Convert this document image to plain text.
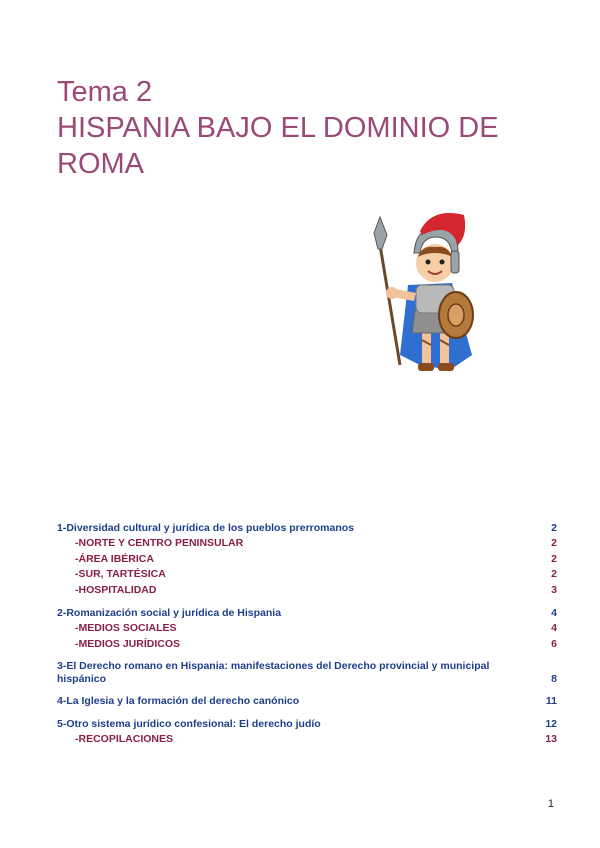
Tema 2
HISPANIA BAJO EL DOMINIO DE
ROMA
1-Diversidad cultural y jurídica de los pueblos prerromanos	2
-NORTE Y CENTRO PENINSULAR	2
-ÁREA IBÉRICA	2
-SUR, TARTÉSICA	2
-HOSPITALIDAD	3
2-Romanización social y jurídica de Hispania	4
-MEDIOS SOCIALES	4
-MEDIOS JURÍDICOS	6
3-El Derecho romano en Hispania: manifestaciones del Derecho provincial y municipal hispánico	8
4-La Iglesia y la formación del derecho canónico	11
5-Otro sistema jurídico confesional: El derecho judío	12
-RECOPILACIONES	13
1
